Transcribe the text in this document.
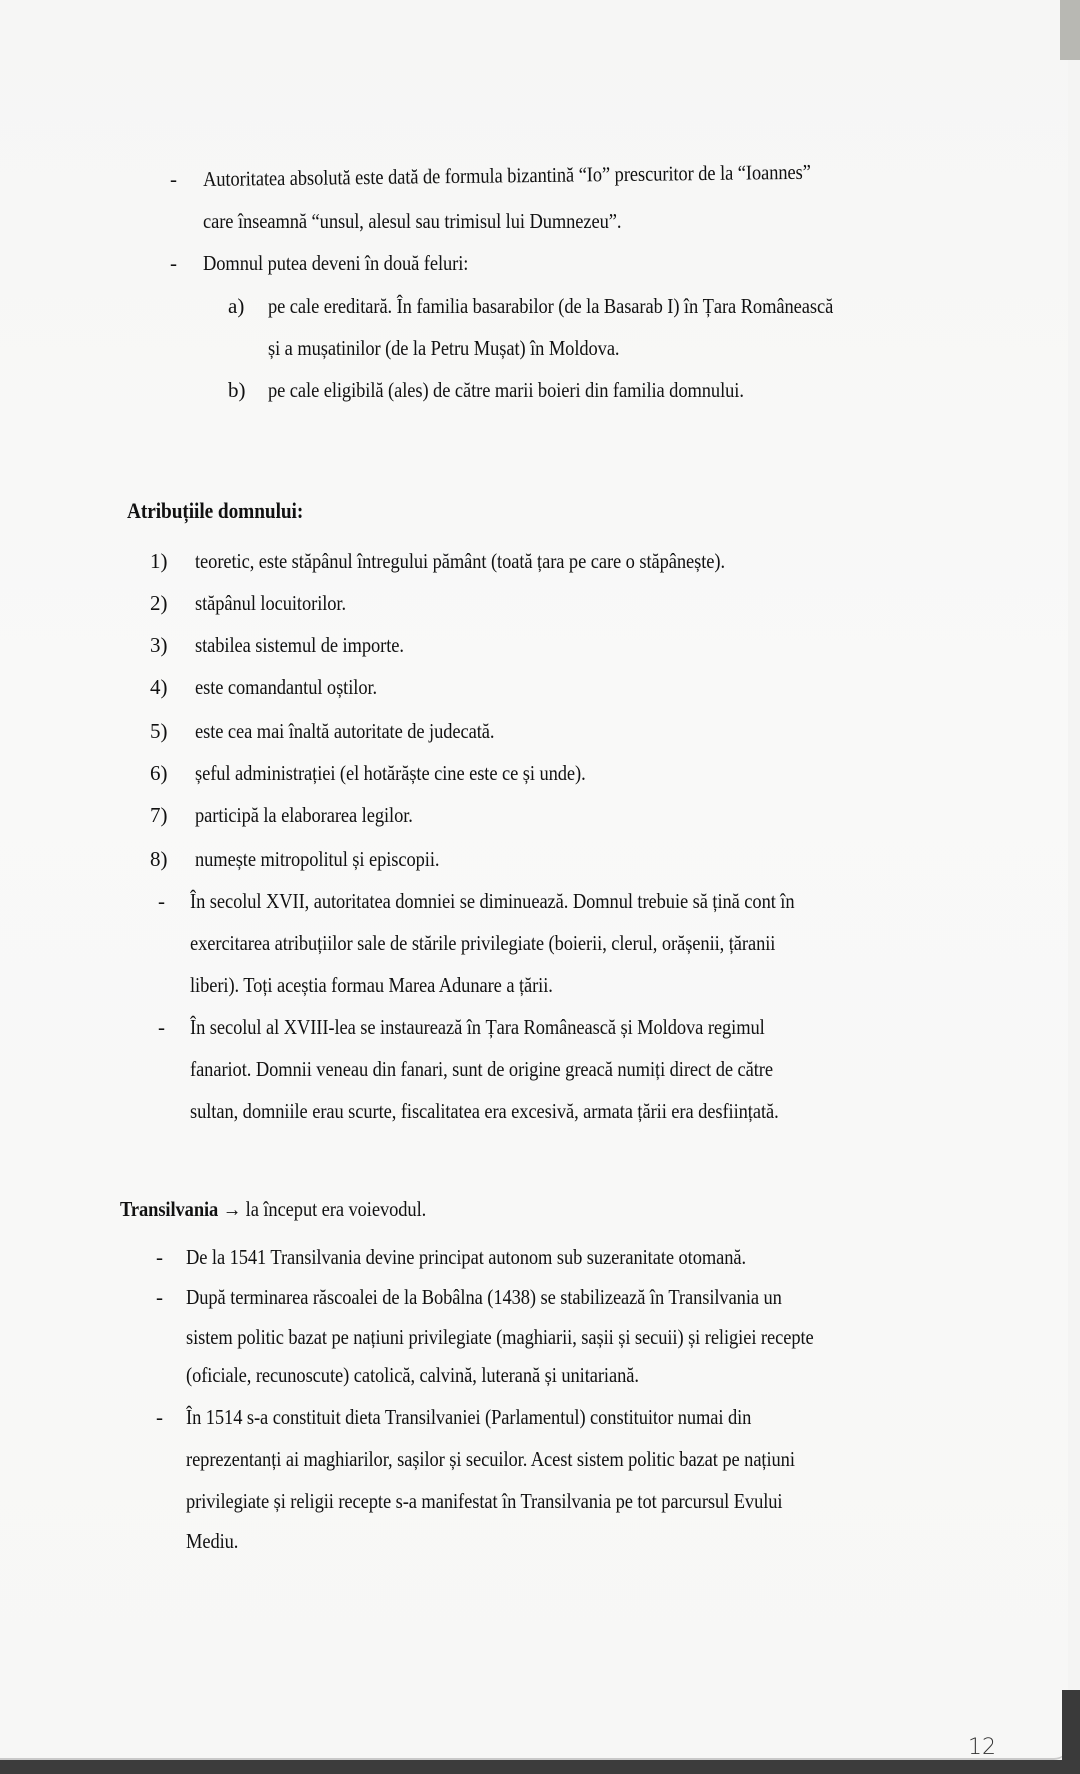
- Autoritatea absolută este dată de formula bizantină “Io” prescuritor de la “Ioannes”
care înseamnă “unsul, alesul sau trimisul lui Dumnezeu”.
- Domnul putea deveni în două feluri:
a) pe cale ereditară. În familia basarabilor (de la Basarab I) în Țara Românească
și a mușatinilor (de la Petru Mușat) în Moldova.
b) pe cale eligibilă (ales) de către marii boieri din familia domnului.
Atribuțiile domnului:
1) teoretic, este stăpânul întregului pământ (toată țara pe care o stăpânește).
2) stăpânul locuitorilor.
3) stabilea sistemul de importe.
4) este comandantul oștilor.
5) este cea mai înaltă autoritate de judecată.
6) șeful administrației (el hotărăște cine este ce și unde).
7) participă la elaborarea legilor.
8) numește mitropolitul și episcopii.
- În secolul XVII, autoritatea domniei se diminuează. Domnul trebuie să țină cont în
exercitarea atribuțiilor sale de stările privilegiate (boierii, clerul, orășenii, țăranii
liberi). Toți aceștia formau Marea Adunare a țării.
- În secolul al XVIII-lea se instaurează în Țara Românească și Moldova regimul
fanariot. Domnii veneau din fanari, sunt de origine greacă numiți direct de către
sultan, domniile erau scurte, fiscalitatea era excesivă, armata țării era desființată.
Transilvania → la început era voievodul.
- De la 1541 Transilvania devine principat autonom sub suzeranitate otomană.
- După terminarea răscoalei de la Bobâlna (1438) se stabilizează în Transilvania un
sistem politic bazat pe națiuni privilegiate (maghiarii, sașii și secuii) și religiei recepte
(oficiale, recunoscute) catolică, calvină, luterană și unitariană.
- În 1514 s-a constituit dieta Transilvaniei (Parlamentul) constituitor numai din
reprezentanți ai maghiarilor, sașilor și secuilor. Acest sistem politic bazat pe națiuni
privilegiate și religii recepte s-a manifestat în Transilvania pe tot parcursul Evului
Mediu.
12
